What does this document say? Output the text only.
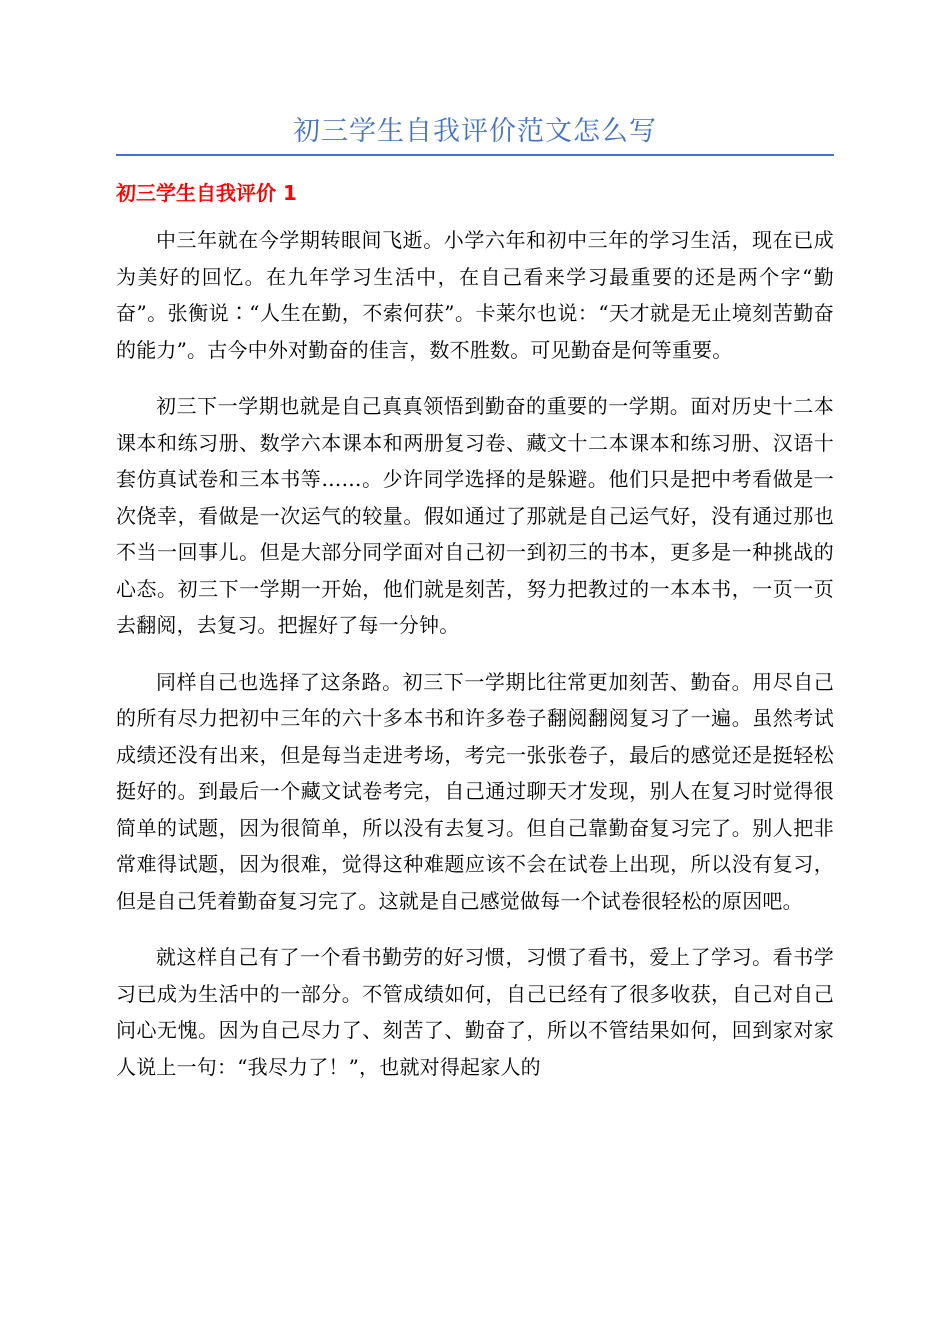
初三学生自我评价范文怎么写
初三学生自我评价 1

中三年就在今学期转眼间飞逝。小学六年和初中三年的学习生活，现在已成为美好的回忆。在九年学习生活中，在自己看来学习最重要的还是两个字“勤奋”。张衡说∶“人生在勤，不索何获”。卡莱尔也说：“天才就是无止境刻苦勤奋的能力”。古今中外对勤奋的佳言，数不胜数。可见勤奋是何等重要。

初三下一学期也就是自己真真领悟到勤奋的重要的一学期。面对历史十二本课本和练习册、数学六本课本和两册复习卷、藏文十二本课本和练习册、汉语十套仿真试卷和三本书等……。少许同学选择的是躲避。他们只是把中考看做是一次侥幸，看做是一次运气的较量。假如通过了那就是自己运气好，没有通过那也不当一回事儿。但是大部分同学面对自己初一到初三的书本，更多是一种挑战的心态。初三下一学期一开始，他们就是刻苦，努力把教过的一本本书，一页一页去翻阅，去复习。把握好了每一分钟。

同样自己也选择了这条路。初三下一学期比往常更加刻苦、勤奋。用尽自己的所有尽力把初中三年的六十多本书和许多卷子翻阅翻阅复习了一遍。虽然考试成绩还没有出来，但是每当走进考场，考完一张张卷子，最后的感觉还是挺轻松挺好的。到最后一个藏文试卷考完，自己通过聊天才发现，别人在复习时觉得很简单的试题，因为很简单，所以没有去复习。但自己靠勤奋复习完了。别人把非常难得试题，因为很难，觉得这种难题应该不会在试卷上出现，所以没有复习，但是自己凭着勤奋复习完了。这就是自己感觉做每一个试卷很轻松的原因吧。

就这样自己有了一个看书勤劳的好习惯，习惯了看书，爱上了学习。看书学习已成为生活中的一部分。不管成绩如何，自己已经有了很多收获，自己对自己问心无愧。因为自己尽力了、刻苦了、勤奋了，所以不管结果如何，回到家对家人说上一句：“我尽力了！”，也就对得起家人的
